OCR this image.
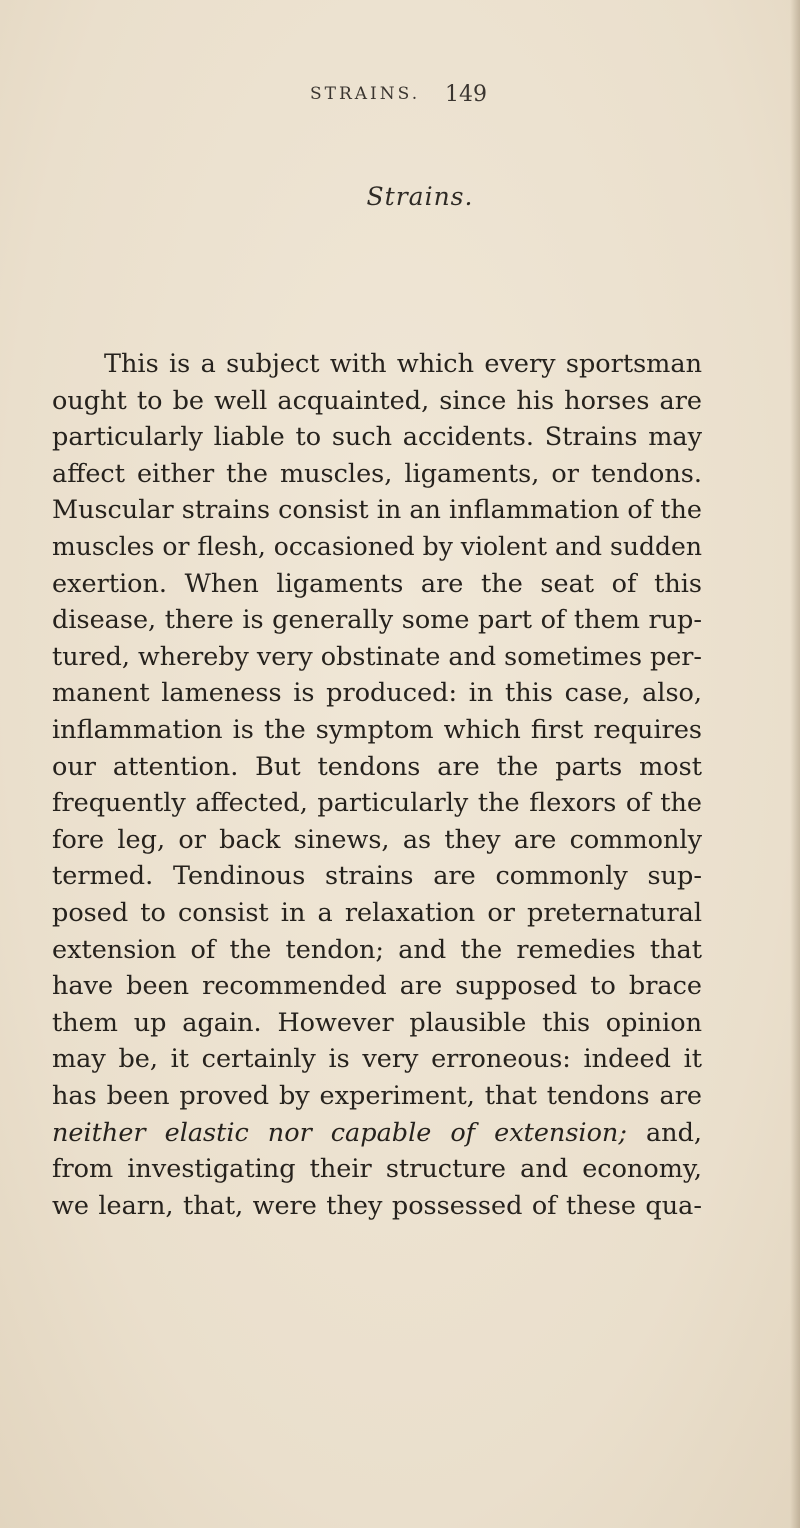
STRAINS. 149
Strains.
This is a subject with which every sportsman
ought to be well acquainted, since his horses are
particularly liable to such accidents. Strains may
affect either the muscles, ligaments, or tendons.
Muscular strains consist in an inflammation of the
muscles or flesh, occasioned by violent and sudden
exertion. When ligaments are the seat of this
disease, there is generally some part of them rup-
tured, whereby very obstinate and sometimes per-
manent lameness is produced: in this case, also,
inflammation is the symptom which first requires
our attention. But tendons are the parts most
frequently affected, particularly the flexors of the
fore leg, or back sinews, as they are commonly
termed. Tendinous strains are commonly sup-
posed to consist in a relaxation or preternatural
extension of the tendon; and the remedies that
have been recommended are supposed to brace
them up again. However plausible this opinion
may be, it certainly is very erroneous: indeed it
has been proved by experiment, that tendons are
neither elastic nor capable of extension; and,
from investigating their structure and economy,
we learn, that, were they possessed of these qua-
